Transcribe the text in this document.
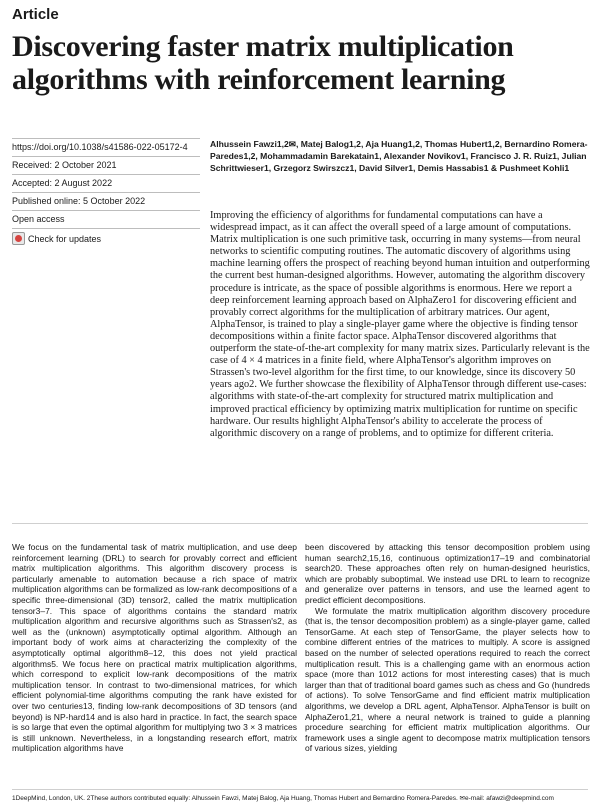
Article
Discovering faster matrix multiplication algorithms with reinforcement learning
https://doi.org/10.1038/s41586-022-05172-4
Received: 2 October 2021
Accepted: 2 August 2022
Published online: 5 October 2022
Open access
Check for updates
Alhussein Fawzi1,2✉, Matej Balog1,2, Aja Huang1,2, Thomas Hubert1,2, Bernardino Romera-Paredes1,2, Mohammadamin Barekatain1, Alexander Novikov1, Francisco J. R. Ruiz1, Julian Schrittwieser1, Grzegorz Swirszcz1, David Silver1, Demis Hassabis1 & Pushmeet Kohli1
Improving the efficiency of algorithms for fundamental computations can have a widespread impact, as it can affect the overall speed of a large amount of computations. Matrix multiplication is one such primitive task, occurring in many systems—from neural networks to scientific computing routines. The automatic discovery of algorithms using machine learning offers the prospect of reaching beyond human intuition and outperforming the current best human-designed algorithms. However, automating the algorithm discovery procedure is intricate, as the space of possible algorithms is enormous. Here we report a deep reinforcement learning approach based on AlphaZero1 for discovering efficient and provably correct algorithms for the multiplication of arbitrary matrices. Our agent, AlphaTensor, is trained to play a single-player game where the objective is finding tensor decompositions within a finite factor space. AlphaTensor discovered algorithms that outperform the state-of-the-art complexity for many matrix sizes. Particularly relevant is the case of 4 × 4 matrices in a finite field, where AlphaTensor's algorithm improves on Strassen's two-level algorithm for the first time, to our knowledge, since its discovery 50 years ago2. We further showcase the flexibility of AlphaTensor through different use-cases: algorithms with state-of-the-art complexity for structured matrix multiplication and improved practical efficiency by optimizing matrix multiplication for runtime on specific hardware. Our results highlight AlphaTensor's ability to accelerate the process of algorithmic discovery on a range of problems, and to optimize for different criteria.
We focus on the fundamental task of matrix multiplication, and use deep reinforcement learning (DRL) to search for provably correct and efficient matrix multiplication algorithms. This algorithm discovery process is particularly amenable to automation because a rich space of matrix multiplication algorithms can be formalized as low-rank decompositions of a specific three-dimensional (3D) tensor2, called the matrix multiplication tensor3–7. This space of algorithms contains the standard matrix multiplication algorithm and recursive algorithms such as Strassen's2, as well as the (unknown) asymptotically optimal algorithm. Although an important body of work aims at characterizing the complexity of the asymptotically optimal algorithm8–12, this does not yield practical algorithms5. We focus here on practical matrix multiplication algorithms, which correspond to explicit low-rank decompositions of the matrix multiplication tensor. In contrast to two-dimensional matrices, for which efficient polynomial-time algorithms computing the rank have existed for over two centuries13, finding low-rank decompositions of 3D tensors (and beyond) is NP-hard14 and is also hard in practice. In fact, the search space is so large that even the optimal algorithm for multiplying two 3 × 3 matrices is still unknown. Nevertheless, in a longstanding research effort, matrix multiplication algorithms have

been discovered by attacking this tensor decomposition problem using human search2,15,16, continuous optimization17–19 and combinatorial search20. These approaches often rely on human-designed heuristics, which are probably suboptimal. We instead use DRL to learn to recognize and generalize over patterns in tensors, and use the learned agent to predict efficient decompositions.

We formulate the matrix multiplication algorithm discovery procedure (that is, the tensor decomposition problem) as a single-player game, called TensorGame. At each step of TensorGame, the player selects how to combine different entries of the matrices to multiply. A score is assigned based on the number of selected operations required to reach the correct multiplication result. This is a challenging game with an enormous action space (more than 1012 actions for most interesting cases) that is much larger than that of traditional board games such as chess and Go (hundreds of actions). To solve TensorGame and find efficient matrix multiplication algorithms, we develop a DRL agent, AlphaTensor. AlphaTensor is built on AlphaZero1,21, where a neural network is trained to guide a planning procedure searching for efficient matrix multiplication algorithms. Our framework uses a single agent to decompose matrix multiplication tensors of various sizes, yielding

1DeepMind, London, UK. 2These authors contributed equally: Alhussein Fawzi, Matej Balog, Aja Huang, Thomas Hubert and Bernardino Romera-Paredes. ✉e-mail: afawzi@deepmind.com
